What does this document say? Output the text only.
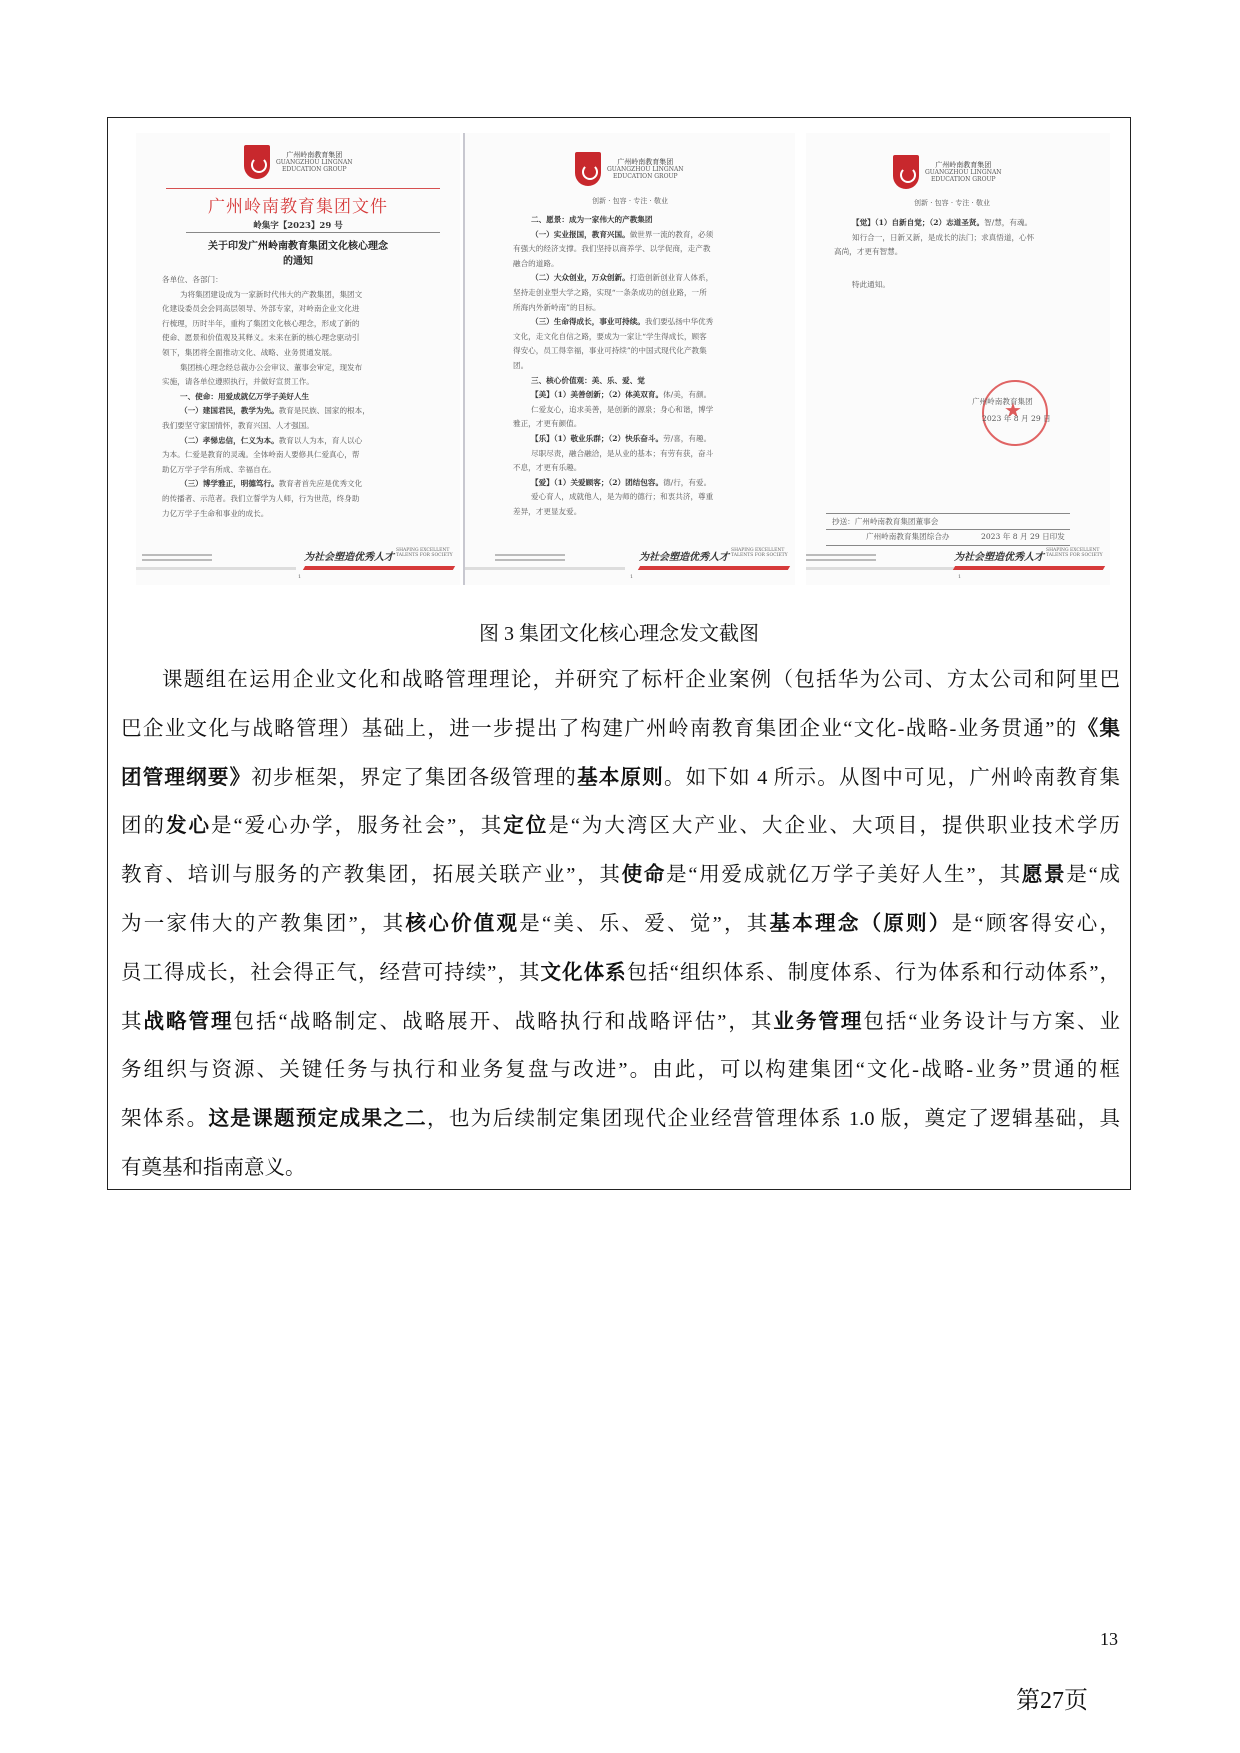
广州岭南教育集团
GUANGZHOU LINGNAN
EDUCATION GROUP
广州岭南教育集团文件
岭集字【2023】29 号
关于印发广州岭南教育集团文化核心理念
的通知
各单位、各部门：
为将集团建设成为一家新时代伟大的产教集团，集团文
化建设委员会会同高层领导、外部专家，对岭南企业文化进
行梳理，历时半年，重构了集团文化核心理念，形成了新的
使命、愿景和价值观及其释义。未来在新的核心理念驱动引
领下，集团将全面推动文化、战略、业务贯通发展。
集团核心理念经总裁办公会审议、董事会审定，现发布
实施，请各单位遵照执行，并做好宣贯工作。
一、使命：用爱成就亿万学子美好人生
（一）建国君民，教学为先。教育是民族、国家的根本，
我们要坚守家国情怀，教育兴国、人才强国。
（二）孝悌忠信，仁义为本。教育以人为本，育人以心
为本。仁爱是教育的灵魂。全体岭南人要修具仁爱真心，帮
助亿万学子学有所成、幸福自在。
（三）博学雅正，明德笃行。教育者首先应是优秀文化
的传播者、示范者。我们立誓学为人师，行为世范，终身助
力亿万学子生命和事业的成长。
为社会塑造优秀人才
SHAPING EXCELLENT TALENTS FOR SOCIETY
1
广州岭南教育集团
GUANGZHOU LINGNAN
EDUCATION GROUP
创新 · 包容 · 专注 · 敬业
二、愿景：成为一家伟大的产教集团
（一）实业报国，教育兴国。做世界一流的教育，必须
有强大的经济支撑。我们坚持以商养学、以学促商，走产教
融合的道路。
（二）大众创业，万众创新。打造创新创业育人体系，
坚持走创业型大学之路，实现“一条条成功的创业路，一所
所海内外新岭南”的目标。
（三）生命得成长，事业可持续。我们要弘扬中华优秀
文化，走文化自信之路，要成为一家让“学生得成长，顾客
得安心，员工得幸福，事业可持续”的中国式现代化产教集
团。
三、核心价值观：美、乐、爱、觉
【美】（1）美善创新；（2）体美双育。体/美，有颜。
仁爱友心，追求美善，是创新的源泉；身心和谐，博学
雅正，才更有颜值。
【乐】（1）敬业乐群；（2）快乐奋斗。劳/喜，有趣。
尽职尽责，融合融洽，是从业的基本；有劳有获，奋斗
不息，才更有乐趣。
【爱】（1）关爱顾客；（2）团结包容。德/行，有爱。
爱心育人，成就他人，是为师的德行；和衷共济，尊重
差异，才更显友爱。
为社会塑造优秀人才
SHAPING EXCELLENT TALENTS FOR SOCIETY
1
广州岭南教育集团
GUANGZHOU LINGNAN
EDUCATION GROUP
创新 · 包容 · 专注 · 敬业
【觉】（1）自新自觉；（2）志道圣贤。智/慧，有魂。
知行合一，日新又新，是成长的法门；求真悟道，心怀
高尚，才更有智慧。
特此通知。
★
广州岭南教育集团
2023 年 8 月 29 日
抄送：广州岭南教育集团董事会
广州岭南教育集团综合办	2023 年 8 月 29 日印发
为社会塑造优秀人才
SHAPING EXCELLENT TALENTS FOR SOCIETY
1
图 3 集团文化核心理念发文截图
课题组在运用企业文化和战略管理理论，并研究了标杆企业案例（包括华为公司、方太公司和阿里巴
巴企业文化与战略管理）基础上，进一步提出了构建广州岭南教育集团企业“文化-战略-业务贯通”的《集
团管理纲要》初步框架，界定了集团各级管理的基本原则。如下如 4 所示。从图中可见，广州岭南教育集
团的发心是“爱心办学，服务社会”，其定位是“为大湾区大产业、大企业、大项目，提供职业技术学历
教育、培训与服务的产教集团，拓展关联产业”，其使命是“用爱成就亿万学子美好人生”，其愿景是“成
为一家伟大的产教集团”，其核心价值观是“美、乐、爱、觉”，其基本理念（原则）是“顾客得安心，
员工得成长，社会得正气，经营可持续”，其文化体系包括“组织体系、制度体系、行为体系和行动体系”，
其战略管理包括“战略制定、战略展开、战略执行和战略评估”，其业务管理包括“业务设计与方案、业
务组织与资源、关键任务与执行和业务复盘与改进”。由此，可以构建集团“文化-战略-业务”贯通的框
架体系。这是课题预定成果之二，也为后续制定集团现代企业经营管理体系 1.0 版，奠定了逻辑基础，具
有奠基和指南意义。
13
第27页
